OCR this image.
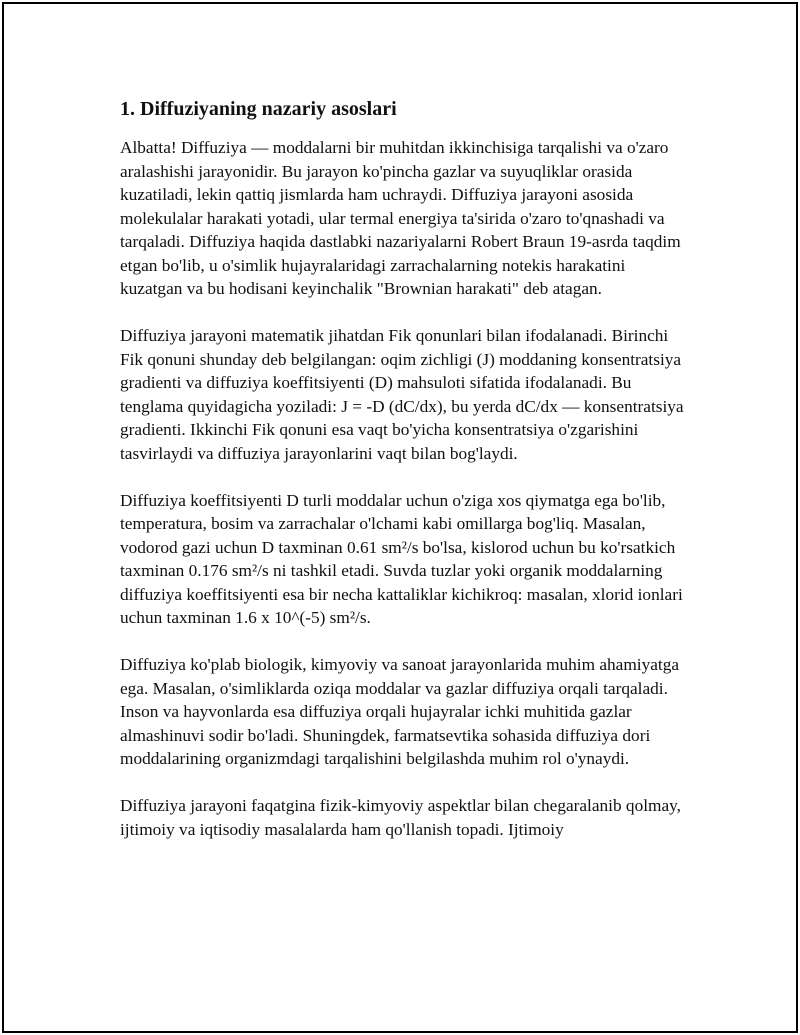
1. Diffuziyaning nazariy asoslari

Albatta! Diffuziya — moddalarni bir muhitdan ikkinchisiga tarqalishi va o'zaro aralashishi jarayonidir. Bu jarayon ko'pincha gazlar va suyuqliklar orasida kuzatiladi, lekin qattiq jismlarda ham uchraydi. Diffuziya jarayoni asosida molekulalar harakati yotadi, ular termal energiya ta'sirida o'zaro to'qnashadi va tarqaladi. Diffuziya haqida dastlabki nazariyalarni Robert Braun 19-asrda taqdim etgan bo'lib, u o'simlik hujayralaridagi zarrachalarning notekis harakatini kuzatgan va bu hodisani keyinchalik "Brownian harakati" deb atagan.

Diffuziya jarayoni matematik jihatdan Fik qonunlari bilan ifodalanadi. Birinchi Fik qonuni shunday deb belgilangan: oqim zichligi (J) moddaning konsentratsiya gradienti va diffuziya koeffitsiyenti (D) mahsuloti sifatida ifodalanadi. Bu tenglama quyidagicha yoziladi: J = -D (dC/dx), bu yerda dC/dx — konsentratsiya gradienti. Ikkinchi Fik qonuni esa vaqt bo'yicha konsentratsiya o'zgarishini tasvirlaydi va diffuziya jarayonlarini vaqt bilan bog'laydi.

Diffuziya koeffitsiyenti D turli moddalar uchun o'ziga xos qiymatga ega bo'lib, temperatura, bosim va zarrachalar o'lchami kabi omillarga bog'liq. Masalan, vodorod gazi uchun D taxminan 0.61 sm²/s bo'lsa, kislorod uchun bu ko'rsatkich taxminan 0.176 sm²/s ni tashkil etadi. Suvda tuzlar yoki organik moddalarning diffuziya koeffitsiyenti esa bir necha kattaliklar kichikroq: masalan, xlorid ionlari uchun taxminan 1.6 x 10^(-5) sm²/s.

Diffuziya ko'plab biologik, kimyoviy va sanoat jarayonlarida muhim ahamiyatga ega. Masalan, o'simliklarda oziqa moddalar va gazlar diffuziya orqali tarqaladi. Inson va hayvonlarda esa diffuziya orqali hujayralar ichki muhitida gazlar almashinuvi sodir bo'ladi. Shuningdek, farmatsevtika sohasida diffuziya dori moddalarining organizmdagi tarqalishini belgilashda muhim rol o'ynaydi.

Diffuziya jarayoni faqatgina fizik-kimyoviy aspektlar bilan chegaralanib qolmay, ijtimoiy va iqtisodiy masalalarda ham qo'llanish topadi. Ijtimoiy
